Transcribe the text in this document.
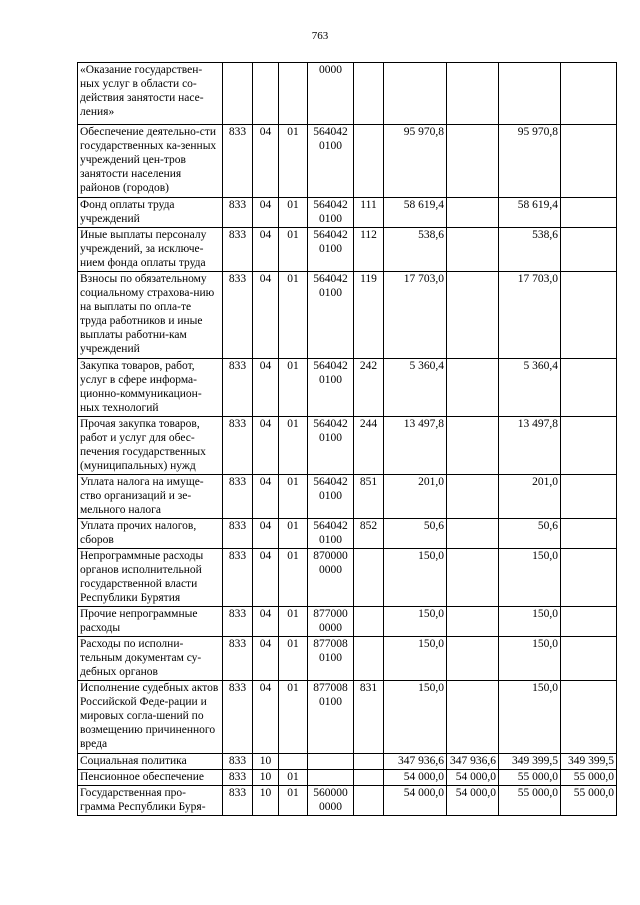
763
«Оказание государствен-ных услуг в области со-действия занятости насе-ления»				0000					
Обеспечение деятельно-сти государственных ка-зенных учреждений цен-тров занятости населения районов (городов)	833	04	01	564042 0100		95 970,8		95 970,8	
Фонд оплаты труда учреждений	833	04	01	564042 0100	111	58 619,4		58 619,4	
Иные выплаты персоналу учреждений, за исключе-нием фонда оплаты труда	833	04	01	564042 0100	112	538,6		538,6	
Взносы по обязательному социальному страхова-нию на выплаты по опла-те труда работников и иные выплаты работни-кам учреждений	833	04	01	564042 0100	119	17 703,0		17 703,0	
Закупка товаров, работ, услуг в сфере информа-ционно-коммуникацион-ных технологий	833	04	01	564042 0100	242	5 360,4		5 360,4	
Прочая закупка товаров, работ и услуг для обес-печения государственных (муниципальных) нужд	833	04	01	564042 0100	244	13 497,8		13 497,8	
Уплата налога на имуще-ство организаций и зе-мельного налога	833	04	01	564042 0100	851	201,0		201,0	
Уплата прочих налогов, сборов	833	04	01	564042 0100	852	50,6		50,6	
Непрограммные расходы органов исполнительной государственной власти Республики Бурятия	833	04	01	870000 0000		150,0		150,0	
Прочие непрограммные расходы	833	04	01	877000 0000		150,0		150,0	
Расходы по исполни-тельным документам су-дебных органов	833	04	01	877008 0100		150,0		150,0	
Исполнение судебных актов Российской Феде-рации и мировых согла-шений по возмещению причиненного вреда	833	04	01	877008 0100	831	150,0		150,0	
Социальная политика	833	10				347 936,6	347 936,6	349 399,5	349 399,5
Пенсионное обеспечение	833	10	01			54 000,0	54 000,0	55 000,0	55 000,0
Государственная про-грамма Республики Буря-	833	10	01	560000 0000		54 000,0	54 000,0	55 000,0	55 000,0
